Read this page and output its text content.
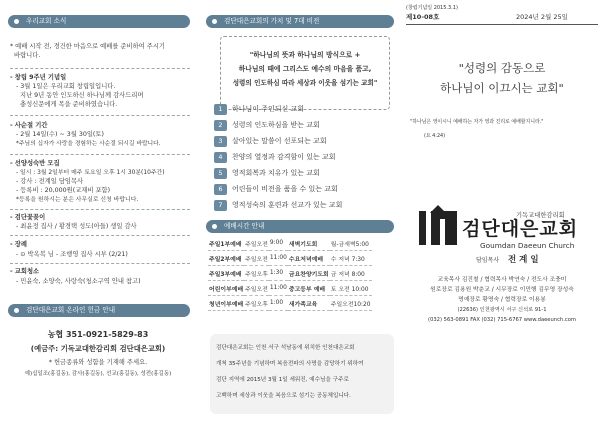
우리교회 소식
* 예배 시작 전, 경건한 마음으로 예배를 준비하여 주시기
바랍니다.
- 창립 9주년 기념일
- 3월 1일은 우리교회 창립일입니다.
지난 9년 동안 인도하신 하나님께 감사드리며
충성신문에게 목을 준비하였습니다.
- 사순절 기간
- 2월 14일(수) ~ 3월 30일(토)
*주님의 십자가 사랑을 경험하는 사순절 되시길 바랍니다.
- 선양성숙반 모집
- 일시 : 3월 2일부터 매주 토요일 오후 1시 30분(10주간)
- 강사 : 전계일 담임목사
- 등록비 : 20,000원(교재비 포함)
*등록을 원하시는 분은 사무실로 신청 바랍니다.
- 검단꽃꽂이
- 최윤정 집사 / 황경택 성도(아들) 생일 감사
- 장례
- ⊙ 박옥복 님 - 조행영 집사 시부 (2/21)
- 교회청소
- 민윤숙, 소양숙, 사랑숙(청소구역 안내 참고)
검단대은교회 온라인 헌금 안내
농협 351-0921-5829-83
(예금주: 기독교대한감리회 검단대은교회)
* 헌금종류와 성함을 기재해 주세요.
예)십일조(홍길동), 감사(홍길동), 선교(홍길동), 성전(홍길동)
검단대은교회의 가치 및 7대 비전
"하나님의 뜻과 하나님의 방식으로 +
하나님의 때에 그리스도 예수의 마음을 품고,
성령의 인도하심 따라 세상과 이웃을 섬기는 교회"
1	하나님이 주인되신 교회
2	성령의 인도하심을 받는 교회
3	살아있는 말씀이 선포되는 교회
4	찬양의 열정과 감격함이 있는 교회
5	영적회복과 치유가 있는 교회
6	어린들이 비전을 품을 수 있는 교회
7	영적성숙의 훈련과 선교가 있는 교회
예배시간 안내
주일1부예배	주일오전	9:00	새벽기도회	월-금새벽5:00
주일2부예배	주일오전	11:00	수요저녁예배	수 저녁 7:30
주일3부예배	주일오후	1:30	금요찬양기도회	금 저녁 8:00
어린이부예배	주일오전	11:00	중고등부 예배	토 오전 10:00
청년이부예배	주일오후	1:00	새가족교육	주일오전10:20
검단대은교회는 인천 서구 석남동에 위치한 인천대은교회
개척 35주년을 기념하며 복음전파의 사명을 감당하기 위하여
검단 지역에 2015년 3월 1일 세워진, 예수님을 구주로
고백하며 세상과 이웃을 복음으로 섬기는 공동체입니다.
(창립기념일 2015.3.1)
제10-08호	2024년 2월 25일
"성령의 감동으로
하나님이 이끄시는 교회"
"하나님은 영이시니 예배하는 자가 영과 진리로 예배할지니라."
(요 4:24)
기독교대한감리회
검단대은교회
Goumdan Daeeun Church
담임목사 전 계 일
교육목사 김진철 / 협력목사 박연숙 / 전도사 조충미
원로장로 김용원 박춘교 / 시무장로 이민행 김무영 장성숙
명예장로 황명숙 / 협력장로 이용봉
(22636) 인천광역시 서구 신석로 91-1
(032) 563-0891 FAX (032) 715-6767 www.daeeunch.com
